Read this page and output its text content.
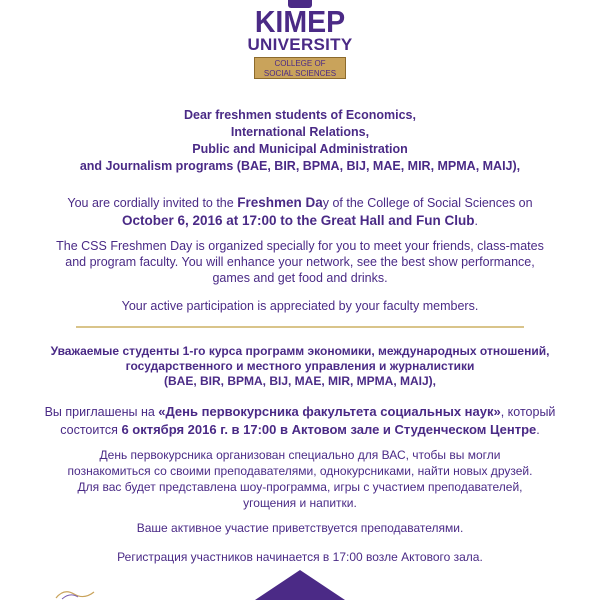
KIMEP
UNIVERSITY
COLLEGE OF
SOCIAL SCIENCES
Dear freshmen students of Economics,
International Relations,
Public and Municipal Administration
and Journalism programs (BAE, BIR, BPMA, BIJ, MAE, MIR, MPMA, MAIJ),
You are cordially invited to the Freshmen Day of the College of Social Sciences on
October 6, 2016 at 17:00 to the Great Hall and Fun Club.
The CSS Freshmen Day is organized specially for you to meet your friends, class-mates
and program faculty. You will enhance your network, see the best show performance,
games and get food and drinks.
Your active participation is appreciated by your faculty members.
Уважаемые студенты 1-го курса программ экономики, международных отношений,
государственного и местного управления и журналистики
(BAE, BIR, BPMA, BIJ, MAE, MIR, MPMA, MAIJ),
Вы приглашены на «День первокурсника факультета социальных наук», который
состоится 6 октября 2016 г. в 17:00 в Актовом зале и Студенческом Центре.
День первокурсника организован специально для ВАС, чтобы вы могли
познакомиться со своими преподавателями, однокурсниками, найти новых друзей.
Для вас будет представлена шоу-программа, игры с участием преподавателей,
угощения и напитки.
Ваше активное участие приветствуется преподавателями.
Регистрация участников начинается в 17:00 возле Актового зала.
